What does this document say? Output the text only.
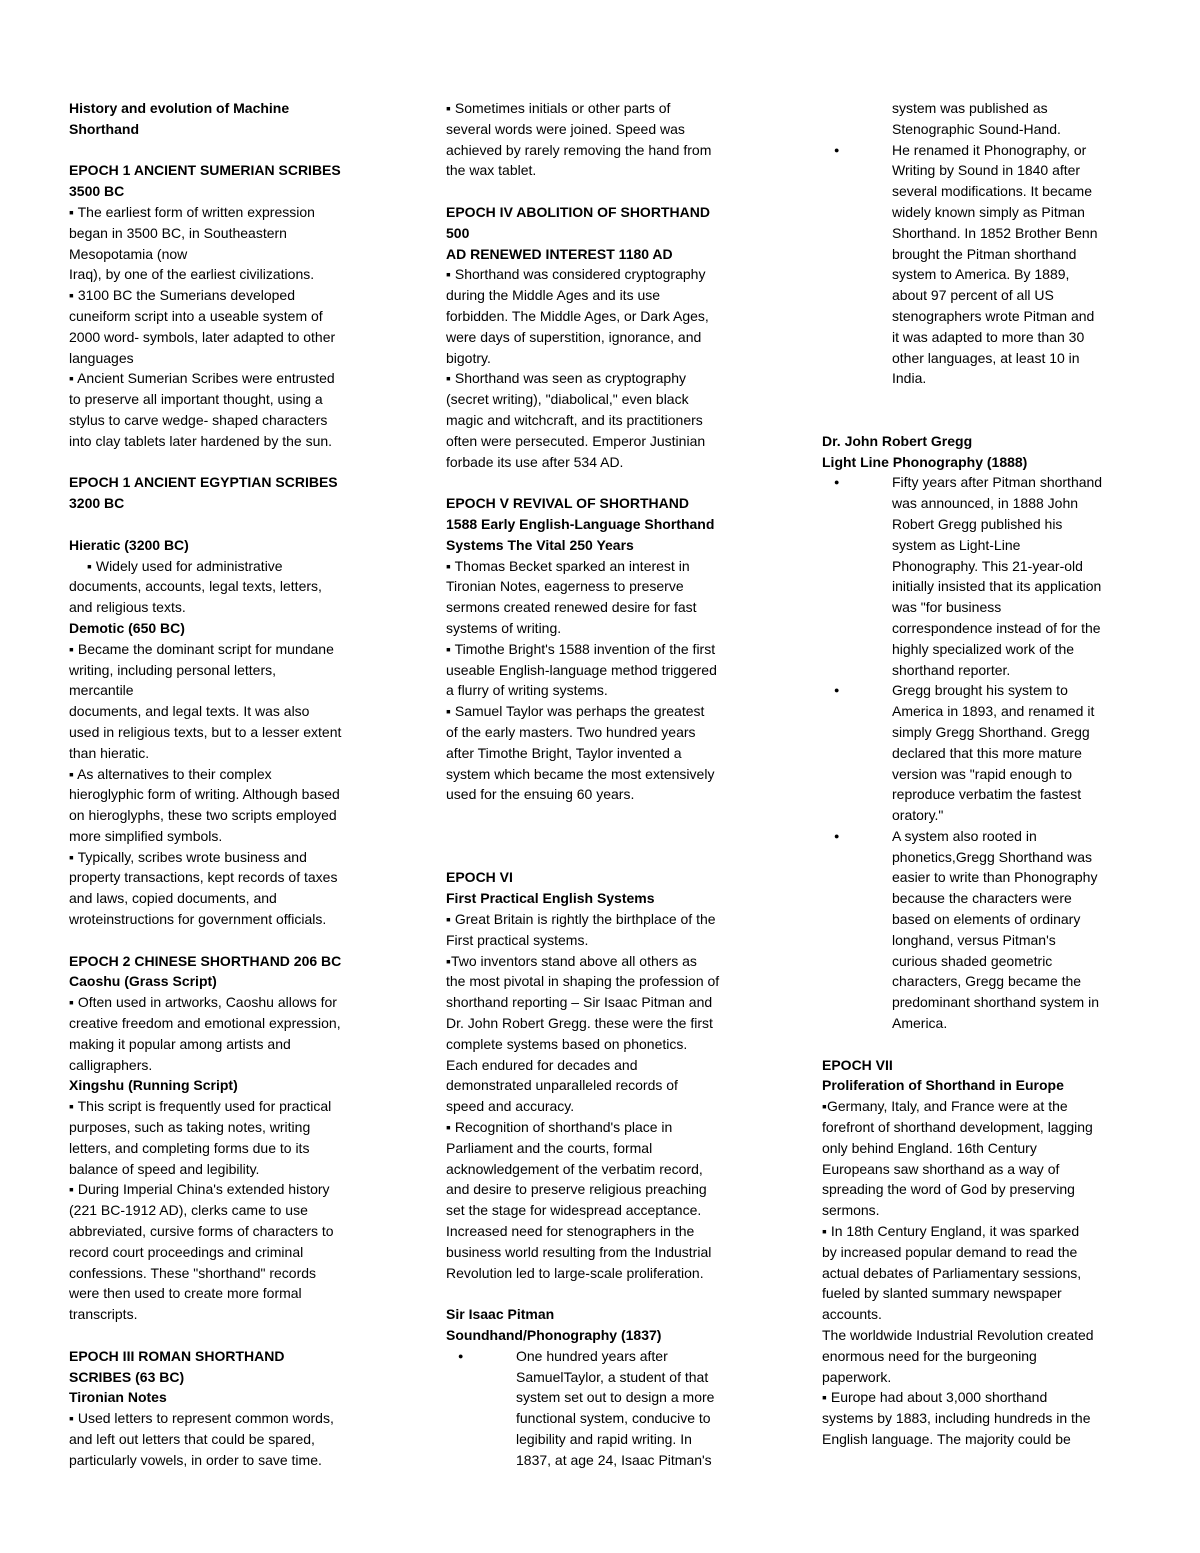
History and evolution of Machine

Shorthand

EPOCH 1 ANCIENT SUMERIAN SCRIBES

3500 BC

▪ The earliest form of written expression

began in 3500 BC, in Southeastern

Mesopotamia (now

Iraq), by one of the earliest civilizations.

▪ 3100 BC the Sumerians developed

cuneiform script into a useable system of

2000 word- symbols, later adapted to other

languages

▪ Ancient Sumerian Scribes were entrusted

to preserve all important thought, using a

stylus to carve wedge- shaped characters

into clay tablets later hardened by the sun.

EPOCH 1 ANCIENT EGYPTIAN SCRIBES

3200 BC

Hieratic (3200 BC)

▪ Widely used for administrative

documents, accounts, legal texts, letters,

and religious texts.

Demotic (650 BC)

▪ Became the dominant script for mundane

writing, including personal letters,

mercantile

documents, and legal texts. It was also

used in religious texts, but to a lesser extent

than hieratic.

▪ As alternatives to their complex

hieroglyphic form of writing. Although based

on hieroglyphs, these two scripts employed

more simplified symbols.

▪ Typically, scribes wrote business and

property transactions, kept records of taxes

and laws, copied documents, and

wroteinstructions for government officials.

EPOCH 2 CHINESE SHORTHAND 206 BC

Caoshu (Grass Script)

▪ Often used in artworks, Caoshu allows for

creative freedom and emotional expression,

making it popular among artists and

calligraphers.

Xingshu (Running Script)

▪ This script is frequently used for practical

purposes, such as taking notes, writing

letters, and completing forms due to its

balance of speed and legibility.

▪ During Imperial China's extended history

(221 BC-1912 AD), clerks came to use

abbreviated, cursive forms of characters to

record court proceedings and criminal

confessions. These "shorthand" records

were then used to create more formal

transcripts.

EPOCH III ROMAN SHORTHAND

SCRIBES (63 BC)

Tironian Notes

▪ Used letters to represent common words,

and left out letters that could be spared,

particularly vowels, in order to save time.

▪ Sometimes initials or other parts of

several words were joined. Speed was

achieved by rarely removing the hand from

the wax tablet.

EPOCH IV ABOLITION OF SHORTHAND

500

AD RENEWED INTEREST 1180 AD

▪ Shorthand was considered cryptography

during the Middle Ages and its use

forbidden. The Middle Ages, or Dark Ages,

were days of superstition, ignorance, and

bigotry.

▪ Shorthand was seen as cryptography

(secret writing), "diabolical," even black

magic and witchcraft, and its practitioners

often were persecuted. Emperor Justinian

forbade its use after 534 AD.

EPOCH V REVIVAL OF SHORTHAND

1588 Early English-Language Shorthand

Systems The Vital 250 Years

▪ Thomas Becket sparked an interest in

Tironian Notes, eagerness to preserve

sermons created renewed desire for fast

systems of writing.

▪ Timothe Bright's 1588 invention of the first

useable English-language method triggered

a flurry of writing systems.

▪ Samuel Taylor was perhaps the greatest

of the early masters. Two hundred years

after Timothe Bright, Taylor invented a

system which became the most extensively

used for the ensuing 60 years.

EPOCH VI

First Practical English Systems

▪ Great Britain is rightly the birthplace of the

First practical systems.

▪Two inventors stand above all others as

the most pivotal in shaping the profession of

shorthand reporting – Sir Isaac Pitman and

Dr. John Robert Gregg. these were the first

complete systems based on phonetics.

Each endured for decades and

demonstrated unparalleled records of

speed and accuracy.

▪ Recognition of shorthand's place in

Parliament and the courts, formal

acknowledgement of the verbatim record,

and desire to preserve religious preaching

set the stage for widespread acceptance.

Increased need for stenographers in the

business world resulting from the Industrial

Revolution led to large-scale proliferation.

Sir Isaac Pitman

Soundhand/Phonography (1837)

● One hundred years after

SamuelTaylor, a student of that

system set out to design a more

functional system, conducive to

legibility and rapid writing. In

1837, at age 24, Isaac Pitman's

system was published as

Stenographic Sound-Hand.

● He renamed it Phonography, or

Writing by Sound in 1840 after

several modifications. It became

widely known simply as Pitman

Shorthand. In 1852 Brother Benn

brought the Pitman shorthand

system to America. By 1889,

about 97 percent of all US

stenographers wrote Pitman and

it was adapted to more than 30

other languages, at least 10 in

India.

Dr. John Robert Gregg

Light Line Phonography (1888)

● Fifty years after Pitman shorthand

was announced, in 1888 John

Robert Gregg published his

system as Light-Line

Phonography. This 21-year-old

initially insisted that its application

was "for business

correspondence instead of for the

highly specialized work of the

shorthand reporter.

● Gregg brought his system to

America in 1893, and renamed it

simply Gregg Shorthand. Gregg

declared that this more mature

version was "rapid enough to

reproduce verbatim the fastest

oratory."

● A system also rooted in

phonetics,Gregg Shorthand was

easier to write than Phonography

because the characters were

based on elements of ordinary

longhand, versus Pitman's

curious shaded geometric

characters, Gregg became the

predominant shorthand system in

America.

EPOCH VII

Proliferation of Shorthand in Europe

▪Germany, Italy, and France were at the

forefront of shorthand development, lagging

only behind England. 16th Century

Europeans saw shorthand as a way of

spreading the word of God by preserving

sermons.

▪ In 18th Century England, it was sparked

by increased popular demand to read the

actual debates of Parliamentary sessions,

fueled by slanted summary newspaper

accounts.

The worldwide Industrial Revolution created

enormous need for the burgeoning

paperwork.

▪ Europe had about 3,000 shorthand

systems by 1883, including hundreds in the

English language. The majority could be
